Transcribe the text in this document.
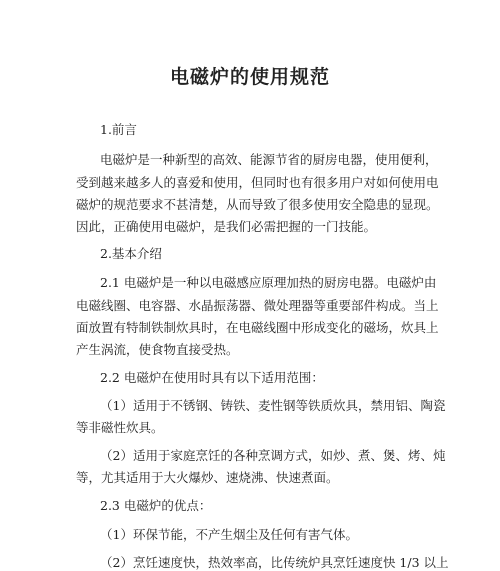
电磁炉的使用规范
1.前言
电磁炉是一种新型的高效、能源节省的厨房电器，使用便利，
受到越来越多人的喜爱和使用，但同时也有很多用户对如何使用电
磁炉的规范要求不甚清楚，从而导致了很多使用安全隐患的显现。
因此，正确使用电磁炉，是我们必需把握的一门技能。
2.基本介绍
2.1 电磁炉是一种以电磁感应原理加热的厨房电器。电磁炉由
电磁线圈、电容器、水晶振荡器、微处理器等重要部件构成。当上
面放置有特制铁制炊具时，在电磁线圈中形成变化的磁场，炊具上
产生涡流，使食物直接受热。
2.2 电磁炉在使用时具有以下适用范围：
（1）适用于不锈钢、铸铁、麦性钢等铁质炊具，禁用铝、陶瓷
等非磁性炊具。
（2）适用于家庭烹饪的各种烹调方式，如炒、煮、煲、烤、炖
等，尤其适用于大火爆炒、速烧沸、快速煮面。
2.3 电磁炉的优点：
（1）环保节能，不产生烟尘及任何有害气体。
（2）烹饪速度快，热效率高，比传统炉具烹饪速度快 1/3 以上
